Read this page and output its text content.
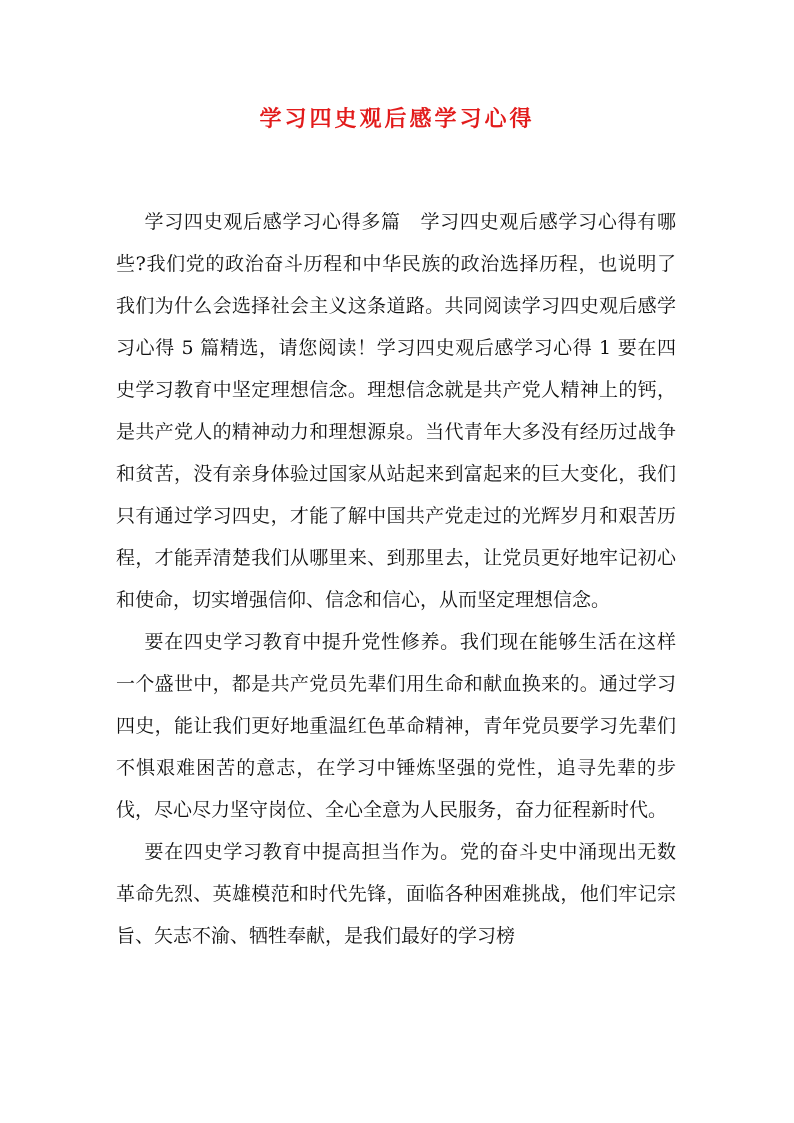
学习四史观后感学习心得

学习四史观后感学习心得多篇　学习四史观后感学习心得有哪些?我们党的政治奋斗历程和中华民族的政治选择历程，也说明了我们为什么会选择社会主义这条道路。共同阅读学习四史观后感学习心得 5 篇精选，请您阅读！学习四史观后感学习心得 1 要在四史学习教育中坚定理想信念。理想信念就是共产党人精神上的钙，是共产党人的精神动力和理想源泉。当代青年大多没有经历过战争和贫苦，没有亲身体验过国家从站起来到富起来的巨大变化，我们只有通过学习四史，才能了解中国共产党走过的光辉岁月和艰苦历程，才能弄清楚我们从哪里来、到那里去，让党员更好地牢记初心和使命，切实增强信仰、信念和信心，从而坚定理想信念。

要在四史学习教育中提升党性修养。我们现在能够生活在这样一个盛世中，都是共产党员先辈们用生命和献血换来的。通过学习四史，能让我们更好地重温红色革命精神，青年党员要学习先辈们不惧艰难困苦的意志，在学习中锤炼坚强的党性，追寻先辈的步伐，尽心尽力坚守岗位、全心全意为人民服务，奋力征程新时代。

要在四史学习教育中提高担当作为。党的奋斗史中涌现出无数革命先烈、英雄模范和时代先锋，面临各种困难挑战，他们牢记宗旨、矢志不渝、牺牲奉献，是我们最好的学习榜
